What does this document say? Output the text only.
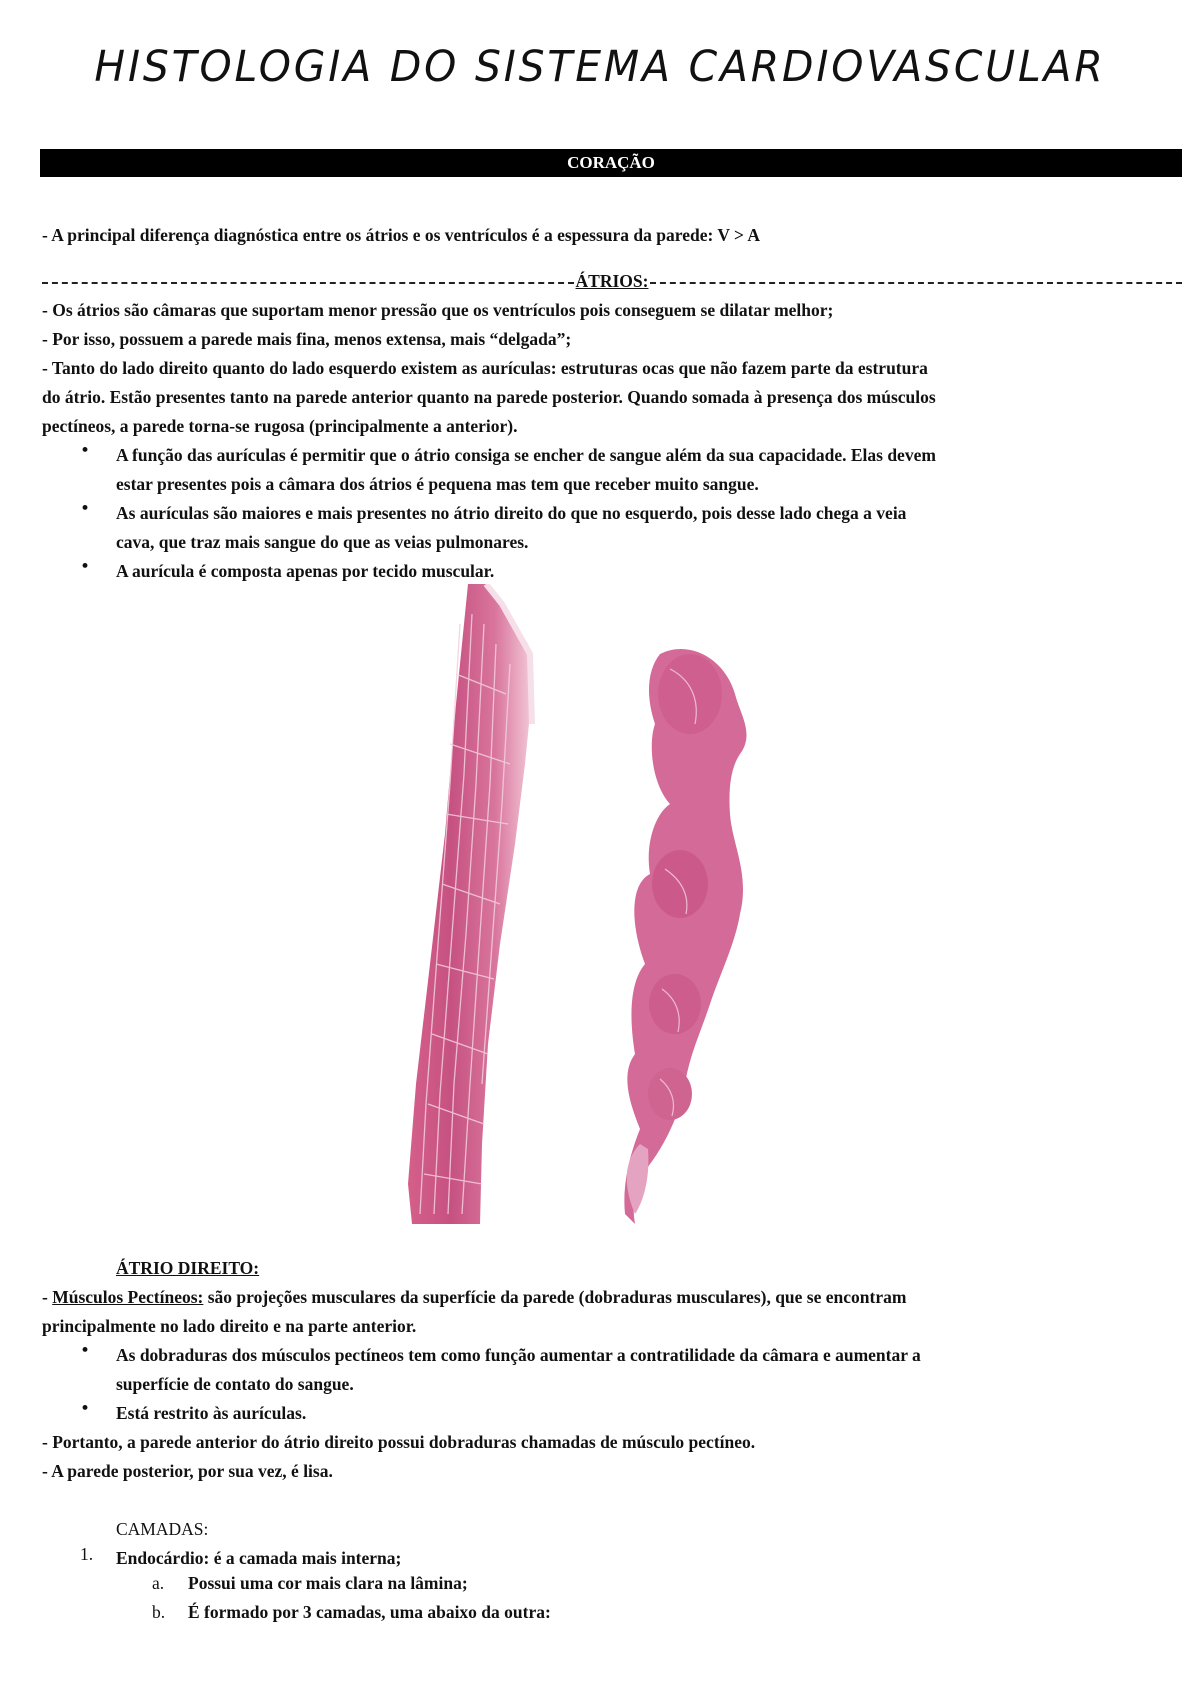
HISTOLOGIA DO SISTEMA CARDIOVASCULAR
CORAÇÃO
- A principal diferença diagnóstica entre os átrios e os ventrículos é a espessura da parede: V > A
ÁTRIOS:
- Os átrios são câmaras que suportam menor pressão que os ventrículos pois conseguem se dilatar melhor;
- Por isso, possuem a parede mais fina, menos extensa, mais “delgada”;
- Tanto do lado direito quanto do lado esquerdo existem as aurículas: estruturas ocas que não fazem parte da estrutura
do átrio. Estão presentes tanto na parede anterior quanto na parede posterior. Quando somada à presença dos músculos
pectíneos, a parede torna-se rugosa (principalmente a anterior).
•	A função das aurículas é permitir que o átrio consiga se encher de sangue além da sua capacidade. Elas devem
estar presentes pois a câmara dos átrios é pequena mas tem que receber muito sangue.
•	As aurículas são maiores e mais presentes no átrio direito do que no esquerdo, pois desse lado chega a veia
cava, que traz mais sangue do que as veias pulmonares.
•	A aurícula é composta apenas por tecido muscular.
ÁTRIO DIREITO:
- Músculos Pectíneos: são projeções musculares da superfície da parede (dobraduras musculares), que se encontram
principalmente no lado direito e na parte anterior.
•	As dobraduras dos músculos pectíneos tem como função aumentar a contratilidade da câmara e aumentar a
superfície de contato do sangue.
•	Está restrito às aurículas.
- Portanto, a parede anterior do átrio direito possui dobraduras chamadas de músculo pectíneo.
- A parede posterior, por sua vez, é lisa.
CAMADAS:
1.	Endocárdio: é a camada mais interna;
a.	Possui uma cor mais clara na lâmina;
b.	É formado por 3 camadas, uma abaixo da outra:
